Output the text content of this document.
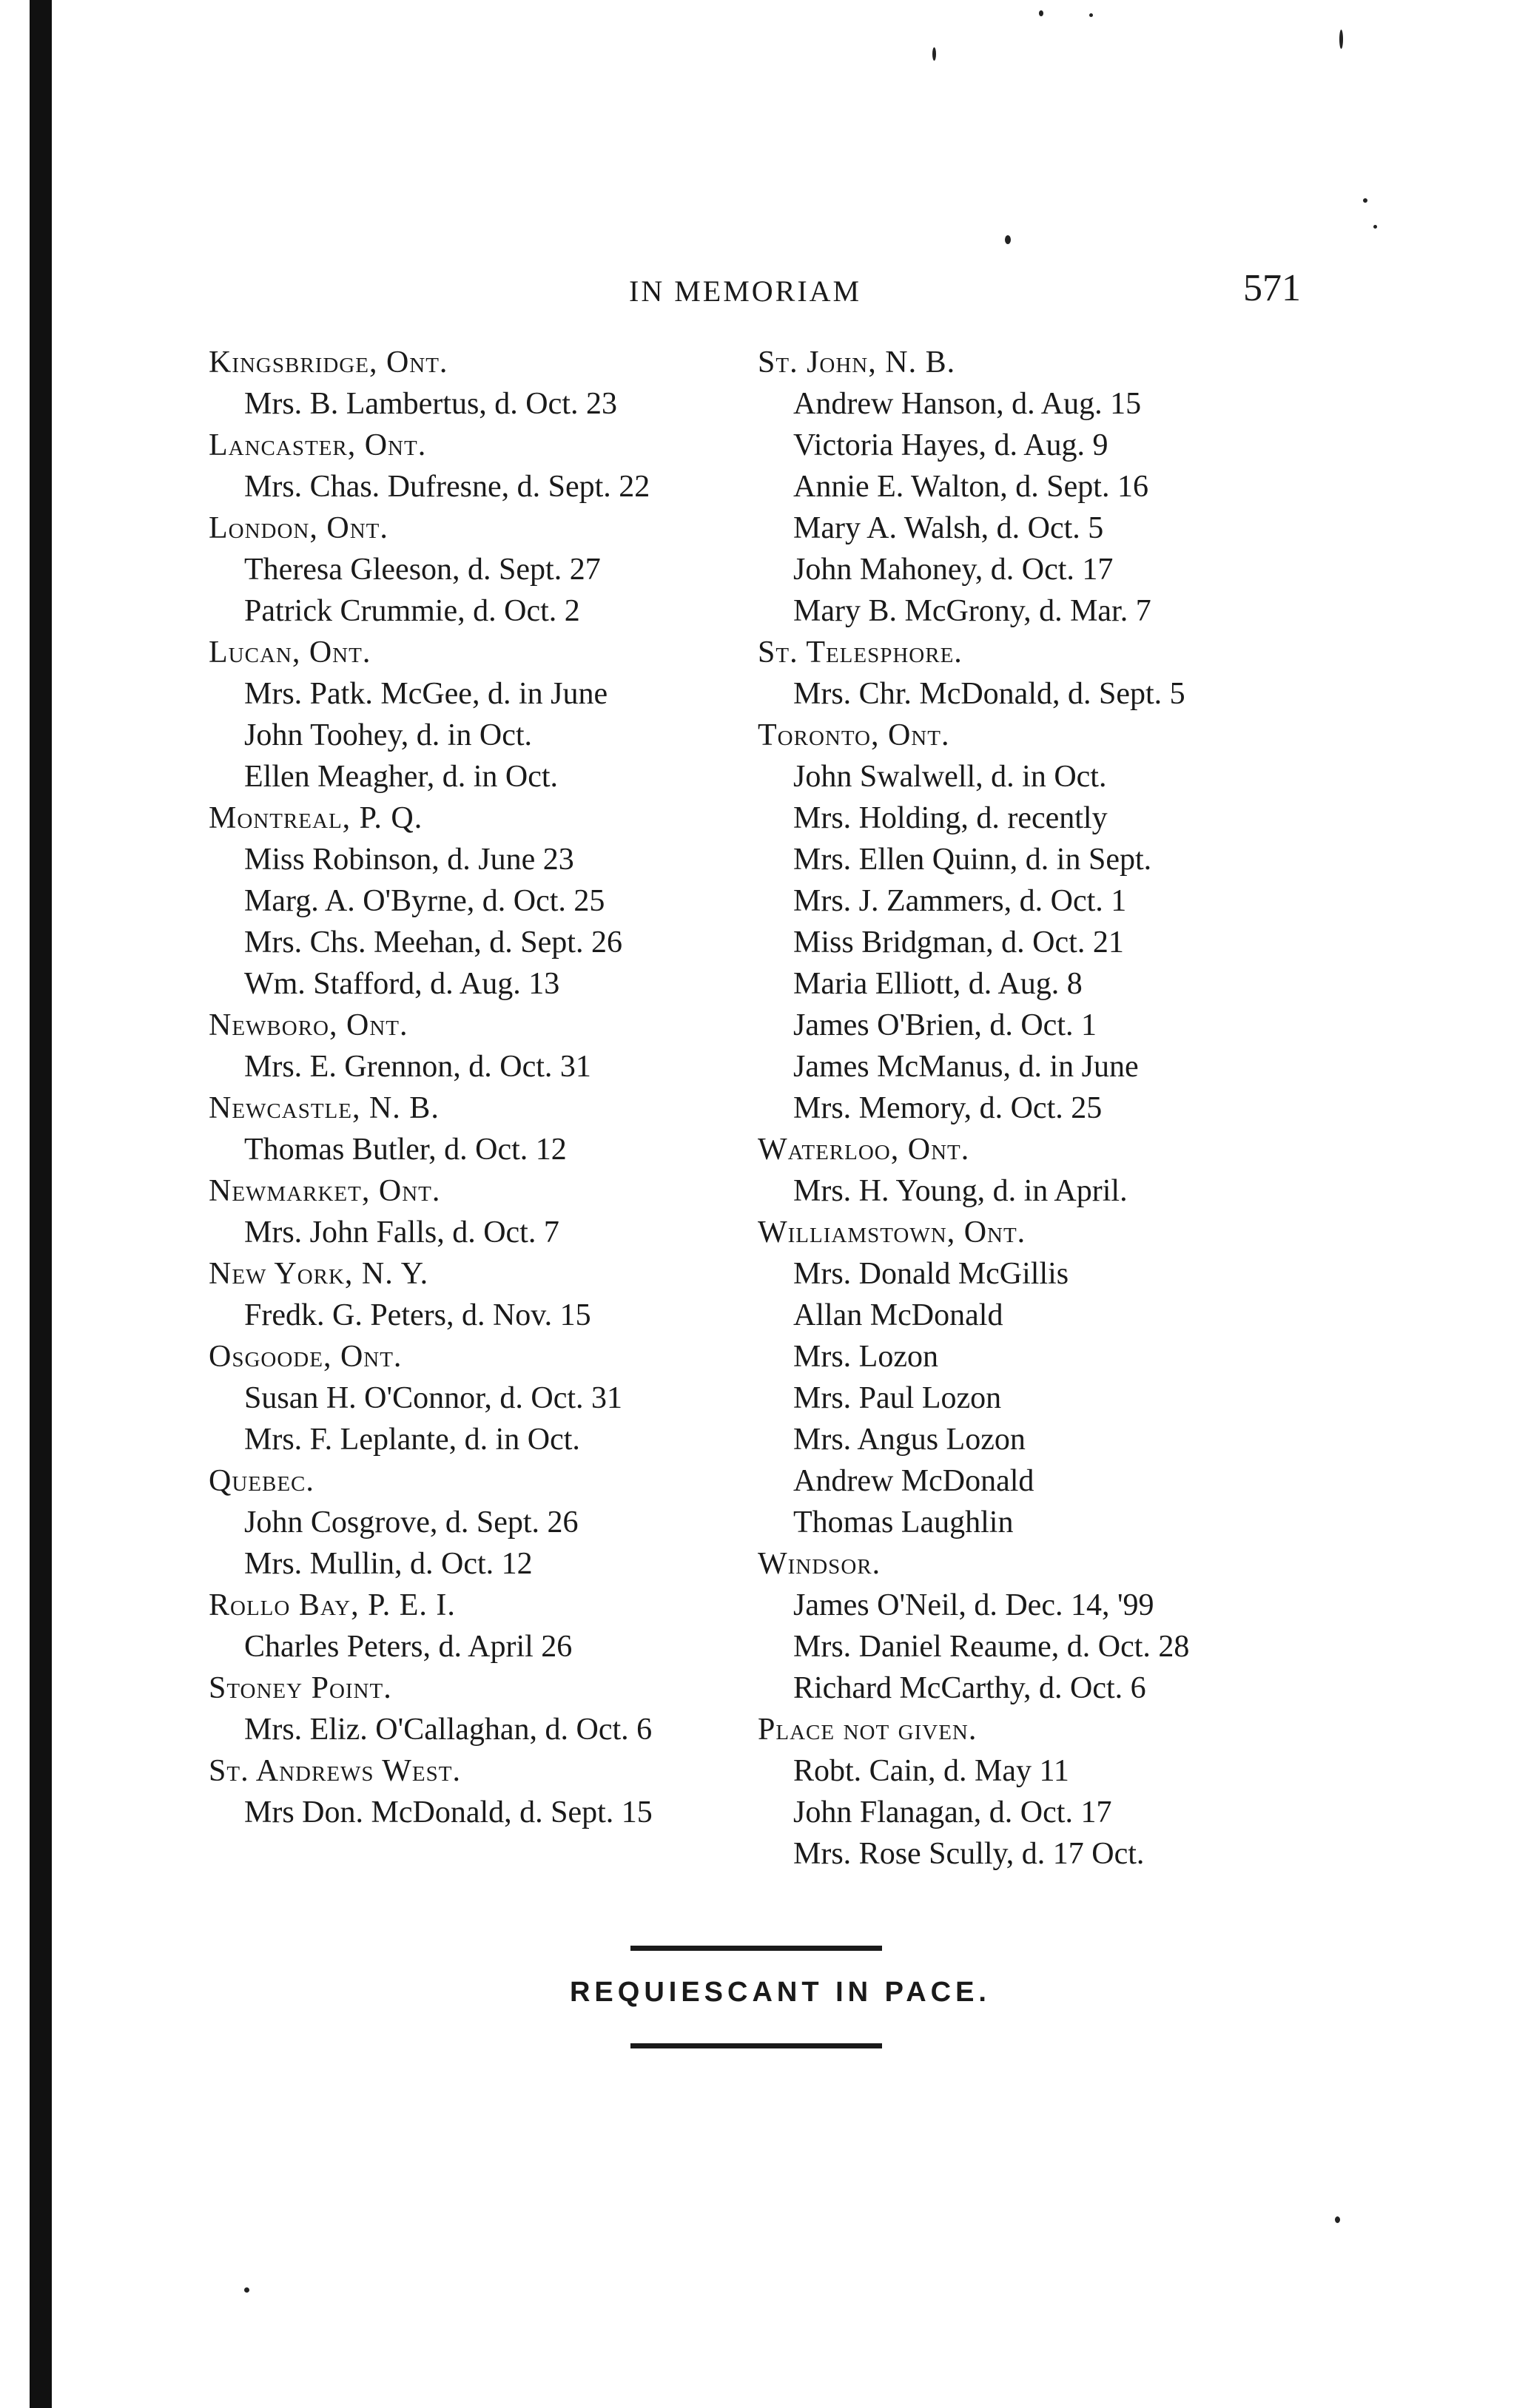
IN MEMORIAM	571
Kingsbridge, Ont.
Mrs. B. Lambertus, d. Oct. 23
Lancaster, Ont.
Mrs. Chas. Dufresne, d. Sept. 22
London, Ont.
Theresa Gleeson, d. Sept. 27
Patrick Crummie, d. Oct. 2
Lucan, Ont.
Mrs. Patk. McGee, d. in June
John Toohey, d. in Oct.
Ellen Meagher, d. in Oct.
Montreal, P. Q.
Miss Robinson, d. June 23
Marg. A. O'Byrne, d. Oct. 25
Mrs. Chs. Meehan, d. Sept. 26
Wm. Stafford, d. Aug. 13
Newboro, Ont.
Mrs. E. Grennon, d. Oct. 31
Newcastle, N. B.
Thomas Butler, d. Oct. 12
Newmarket, Ont.
Mrs. John Falls, d. Oct. 7
New York, N. Y.
Fredk. G. Peters, d. Nov. 15
Osgoode, Ont.
Susan H. O'Connor, d. Oct. 31
Mrs. F. Leplante, d. in Oct.
Quebec.
John Cosgrove, d. Sept. 26
Mrs. Mullin, d. Oct. 12
Rollo Bay, P. E. I.
Charles Peters, d. April 26
Stoney Point.
Mrs. Eliz. O'Callaghan, d. Oct. 6
St. Andrews West.
Mrs Don. McDonald, d. Sept. 15
St. John, N. B.
Andrew Hanson, d. Aug. 15
Victoria Hayes, d. Aug. 9
Annie E. Walton, d. Sept. 16
Mary A. Walsh, d. Oct. 5
John Mahoney, d. Oct. 17
Mary B. McGrony, d. Mar. 7
St. Telesphore.
Mrs. Chr. McDonald, d. Sept. 5
Toronto, Ont.
John Swalwell, d. in Oct.
Mrs. Holding, d. recently
Mrs. Ellen Quinn, d. in Sept.
Mrs. J. Zammers, d. Oct. 1
Miss Bridgman, d. Oct. 21
Maria Elliott, d. Aug. 8
James O'Brien, d. Oct. 1
James McManus, d. in June
Mrs. Memory, d. Oct. 25
Waterloo, Ont.
Mrs. H. Young, d. in April.
Williamstown, Ont.
Mrs. Donald McGillis
Allan McDonald
Mrs. Lozon
Mrs. Paul Lozon
Mrs. Angus Lozon
Andrew McDonald
Thomas Laughlin
Windsor.
James O'Neil, d. Dec. 14, '99
Mrs. Daniel Reaume, d. Oct. 28
Richard McCarthy, d. Oct. 6
Place not given.
Robt. Cain, d. May 11
John Flanagan, d. Oct. 17
Mrs. Rose Scully, d. 17 Oct.
REQUIESCANT IN PACE.
